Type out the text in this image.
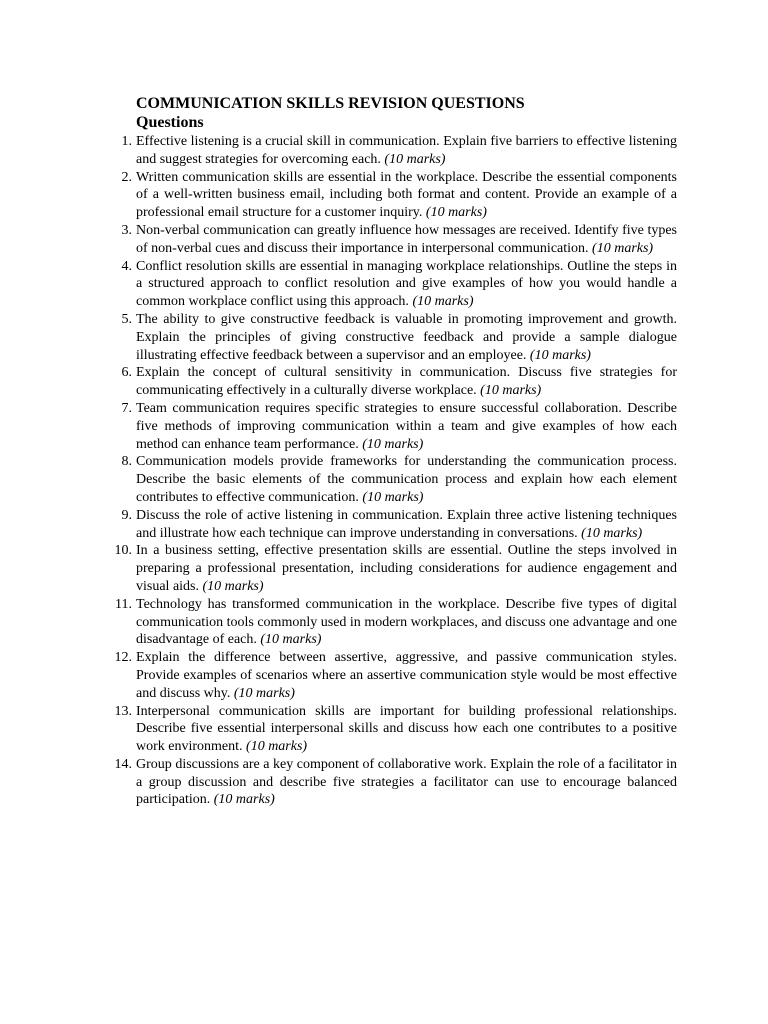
COMMUNICATION SKILLS REVISION QUESTIONS
Questions
1. Effective listening is a crucial skill in communication. Explain five barriers to effective listening and suggest strategies for overcoming each. (10 marks)
2. Written communication skills are essential in the workplace. Describe the essential components of a well-written business email, including both format and content. Provide an example of a professional email structure for a customer inquiry. (10 marks)
3. Non-verbal communication can greatly influence how messages are received. Identify five types of non-verbal cues and discuss their importance in interpersonal communication. (10 marks)
4. Conflict resolution skills are essential in managing workplace relationships. Outline the steps in a structured approach to conflict resolution and give examples of how you would handle a common workplace conflict using this approach. (10 marks)
5. The ability to give constructive feedback is valuable in promoting improvement and growth. Explain the principles of giving constructive feedback and provide a sample dialogue illustrating effective feedback between a supervisor and an employee. (10 marks)
6. Explain the concept of cultural sensitivity in communication. Discuss five strategies for communicating effectively in a culturally diverse workplace. (10 marks)
7. Team communication requires specific strategies to ensure successful collaboration. Describe five methods of improving communication within a team and give examples of how each method can enhance team performance. (10 marks)
8. Communication models provide frameworks for understanding the communication process. Describe the basic elements of the communication process and explain how each element contributes to effective communication. (10 marks)
9. Discuss the role of active listening in communication. Explain three active listening techniques and illustrate how each technique can improve understanding in conversations. (10 marks)
10. In a business setting, effective presentation skills are essential. Outline the steps involved in preparing a professional presentation, including considerations for audience engagement and visual aids. (10 marks)
11. Technology has transformed communication in the workplace. Describe five types of digital communication tools commonly used in modern workplaces, and discuss one advantage and one disadvantage of each. (10 marks)
12. Explain the difference between assertive, aggressive, and passive communication styles. Provide examples of scenarios where an assertive communication style would be most effective and discuss why. (10 marks)
13. Interpersonal communication skills are important for building professional relationships. Describe five essential interpersonal skills and discuss how each one contributes to a positive work environment. (10 marks)
14. Group discussions are a key component of collaborative work. Explain the role of a facilitator in a group discussion and describe five strategies a facilitator can use to encourage balanced participation. (10 marks)
